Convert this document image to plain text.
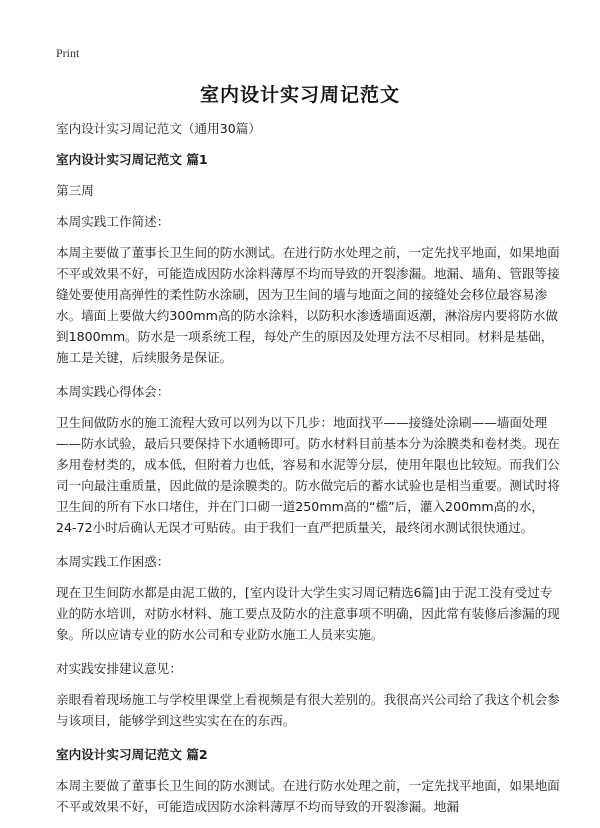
Print
室内设计实习周记范文

室内设计实习周记范文（通用30篇）

室内设计实习周记范文 篇1

第三周

本周实践工作简述：

本周主要做了董事长卫生间的防水测试。在进行防水处理之前，一定先找平地面，如果地面不平或效果不好，可能造成因防水涂料薄厚不均而导致的开裂渗漏。地漏、墙角、管跟等接缝处要使用高弹性的柔性防水涂刷，因为卫生间的墙与地面之间的接缝处会移位最容易渗水。墙面上要做大约300mm高的防水涂料，以防积水渗透墙面返潮，淋浴房内要将防水做到1800mm。防水是一项系统工程，每处产生的原因及处理方法不尽相同。材料是基础，施工是关键，后续服务是保证。

本周实践心得体会：

卫生间做防水的施工流程大致可以列为以下几步：地面找平——接缝处涂刷——墙面处理——防水试验，最后只要保持下水通畅即可。防水材料目前基本分为涂膜类和卷材类。现在多用卷材类的，成本低，但附着力也低，容易和水泥等分层，使用年限也比较短。而我们公司一向最注重质量，因此做的是涂膜类的。防水做完后的蓄水试验也是相当重要。测试时将卫生间的所有下水口堵住，并在门口砌一道250mm高的“槛”后，灌入200mm高的水，24-72小时后确认无误才可贴砖。由于我们一直严把质量关，最终闭水测试很快通过。

本周实践工作困惑：

现在卫生间防水都是由泥工做的，[室内设计大学生实习周记精选6篇]由于泥工没有受过专业的防水培训，对防水材料、施工要点及防水的注意事项不明确，因此常有装修后渗漏的现象。所以应请专业的防水公司和专业防水施工人员来实施。

对实践安排建议意见：

亲眼看着现场施工与学校里课堂上看视频是有很大差别的。我很高兴公司给了我这个机会参与该项目，能够学到这些实实在在的东西。

室内设计实习周记范文 篇2

本周主要做了董事长卫生间的防水测试。在进行防水处理之前，一定先找平地面，如果地面不平或效果不好，可能造成因防水涂料薄厚不均而导致的开裂渗漏。地漏
